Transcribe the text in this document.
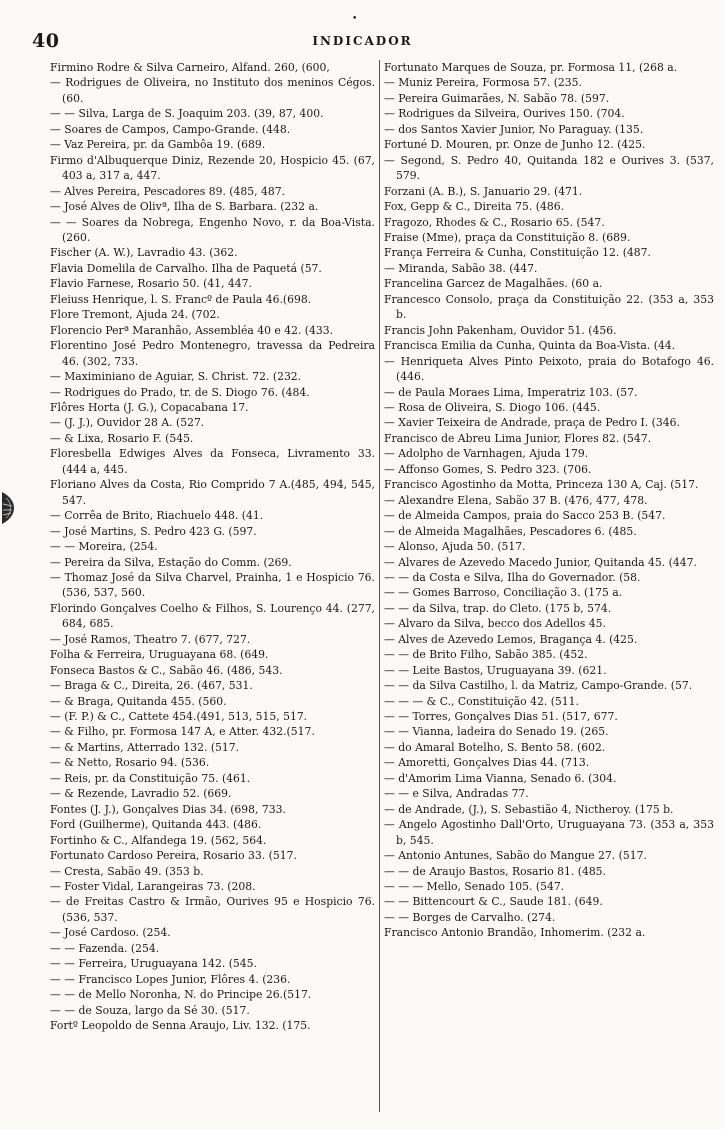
•
40	INDICADOR

Firmino Rodre & Silva Carneiro, Alfand. 260, (600,

— Rodrigues de Oliveira, no Instituto dos meninos Cégos. (60.

— — Silva, Larga de S. Joaquim 203. (39, 87, 400.

— Soares de Campos, Campo-Grande. (448.

— Vaz Pereira, pr. da Gambôa 19. (689.

Firmo d'Albuquerque Diniz, Rezende 20, Hospicio 45. (67, 403 a, 317 a, 447.

— Alves Pereira, Pescadores 89. (485, 487.

— José Alves de Olivª, Ilha de S. Barbara. (232 a.

— — Soares da Nobrega, Engenho Novo, r. da Boa-Vista. (260.

Fischer (A. W.), Lavradio 43. (362.

Flavia Domelila de Carvalho. Ilha de Paquetá (57.

Flavio Farnese, Rosario 50. (41, 447.

Fleiuss Henrique, l. S. Francº de Paula 46.(698.

Flore Tremont, Ajuda 24. (702.

Florencio Perª Maranhão, Assembléa 40 e 42. (433.

Florentino José Pedro Montenegro, travessa da Pedreira 46. (302, 733.

— Maximiniano de Aguiar, S. Christ. 72. (232.

— Rodrigues do Prado, tr. de S. Diogo 76. (484.

Flôres Horta (J. G.), Copacabana 17.

— (J. J.), Ouvidor 28 A. (527.

— & Lixa, Rosario F. (545.

Floresbella Edwiges Alves da Fonseca, Livramento 33. (444 a, 445.

Floriano Alves da Costa, Rio Comprido 7 A.(485, 494, 545, 547.

— Corrêa de Brito, Riachuelo 448. (41.

— José Martins, S. Pedro 423 G. (597.

— — Moreira, (254.

— Pereira da Silva, Estação do Comm. (269.

— Thomaz José da Silva Charvel, Prainha, 1 e Hospicio 76. (536, 537, 560.

Florindo Gonçalves Coelho & Filhos, S. Lourenço 44. (277, 684, 685.

— José Ramos, Theatro 7. (677, 727.

Folha & Ferreira, Uruguayana 68. (649.

Fonseca Bastos & C., Sabão 46. (486, 543.

— Braga & C., Direita, 26. (467, 531.

— & Braga, Quitanda 455. (560.

— (F. P.) & C., Cattete 454.(491, 513, 515, 517.

— & Filho, pr. Formosa 147 A, e Atter. 432.(517.

— & Martins, Atterrado 132. (517.

— & Netto, Rosario 94. (536.

— Reis, pr. da Constituição 75. (461.

— & Rezende, Lavradio 52. (669.

Fontes (J. J.), Gonçalves Dias 34. (698, 733.

Ford (Guilherme), Quitanda 443. (486.

Fortinho & C., Alfandega 19. (562, 564.

Fortunato Cardoso Pereira, Rosario 33. (517.

— Cresta, Sabão 49. (353 b.

— Foster Vidal, Larangeiras 73. (208.

— de Freitas Castro & Irmão, Ourives 95 e Hospicio 76. (536, 537.

— José Cardoso. (254.

— — Fazenda. (254.

— — Ferreira, Uruguayana 142. (545.

— — Francisco Lopes Junior, Flôres 4. (236.

— — de Mello Noronha, N. do Principe 26.(517.

— — de Souza, largo da Sé 30. (517.

Fortº Leopoldo de Senna Araujo, Liv. 132. (175.

Fortunato Marques de Souza, pr. Formosa 11, (268 a.

— Muniz Pereira, Formosa 57. (235.

— Pereira Guimarães, N. Sabão 78. (597.

— Rodrigues da Silveira, Ourives 150. (704.

— dos Santos Xavier Junior, No Paraguay. (135.

Fortuné D. Mouren, pr. Onze de Junho 12. (425.

— Segond, S. Pedro 40, Quitanda 182 e Ourives 3. (537, 579.

Forzani (A. B.), S. Januario 29. (471.

Fox, Gepp & C., Direita 75. (486.

Fragozo, Rhodes & C., Rosario 65. (547.

Fraise (Mme), praça da Constituição 8. (689.

França Ferreira & Cunha, Constituição 12. (487.

— Miranda, Sabão 38. (447.

Francelina Garcez de Magalhães. (60 a.

Francesco Consolo, praça da Constituição 22. (353 a, 353 b.

Francis John Pakenham, Ouvidor 51. (456.

Francisca Emilia da Cunha, Quinta da Boa-Vista. (44.

— Henriqueta Alves Pinto Peixoto, praia do Botafogo 46. (446.

— de Paula Moraes Lima, Imperatriz 103. (57.

— Rosa de Oliveira, S. Diogo 106. (445.

— Xavier Teixeira de Andrade, praça de Pedro I. (346.

Francisco de Abreu Lima Junior, Flores 82. (547.

— Adolpho de Varnhagen, Ajuda 179.

— Affonso Gomes, S. Pedro 323. (706.

Francisco Agostinho da Motta, Princeza 130 A, Caj. (517.

— Alexandre Elena, Sabão 37 B. (476, 477, 478.

— de Almeida Campos, praia do Sacco 253 B. (547.

— de Almeida Magalhães, Pescadores 6. (485.

— Alonso, Ajuda 50. (517.

— Alvares de Azevedo Macedo Junior, Quitanda 45. (447.

— — da Costa e Silva, Ilha do Governador. (58.

— — Gomes Barroso, Conciliação 3. (175 a.

— — da Silva, trap. do Cleto. (175 b, 574.

— Alvaro da Silva, becco dos Adellos 45.

— Alves de Azevedo Lemos, Bragança 4. (425.

— — de Brito Filho, Sabão 385. (452.

— — Leite Bastos, Uruguayana 39. (621.

— — da Silva Castilho, l. da Matriz, Campo-Grande. (57.

— — — & C., Constituição 42. (511.

— — Torres, Gonçalves Dias 51. (517, 677.

— — Vianna, ladeira do Senado 19. (265.

— do Amaral Botelho, S. Bento 58. (602.

— Amoretti, Gonçalves Dias 44. (713.

— d'Amorim Lima Vianna, Senado 6. (304.

— — e Silva, Andradas 77.

— de Andrade, (J.), S. Sebastião 4, Nictheroy. (175 b.

— Angelo Agostinho Dall'Orto, Uruguayana 73. (353 a, 353 b, 545.

— Antonio Antunes, Sabão do Mangue 27. (517.

— — de Araujo Bastos, Rosario 81. (485.

— — — Mello, Senado 105. (547.

— — Bittencourt & C., Saude 181. (649.

— — Borges de Carvalho. (274.

Francisco Antonio Brandão, Inhomerim. (232 a.
